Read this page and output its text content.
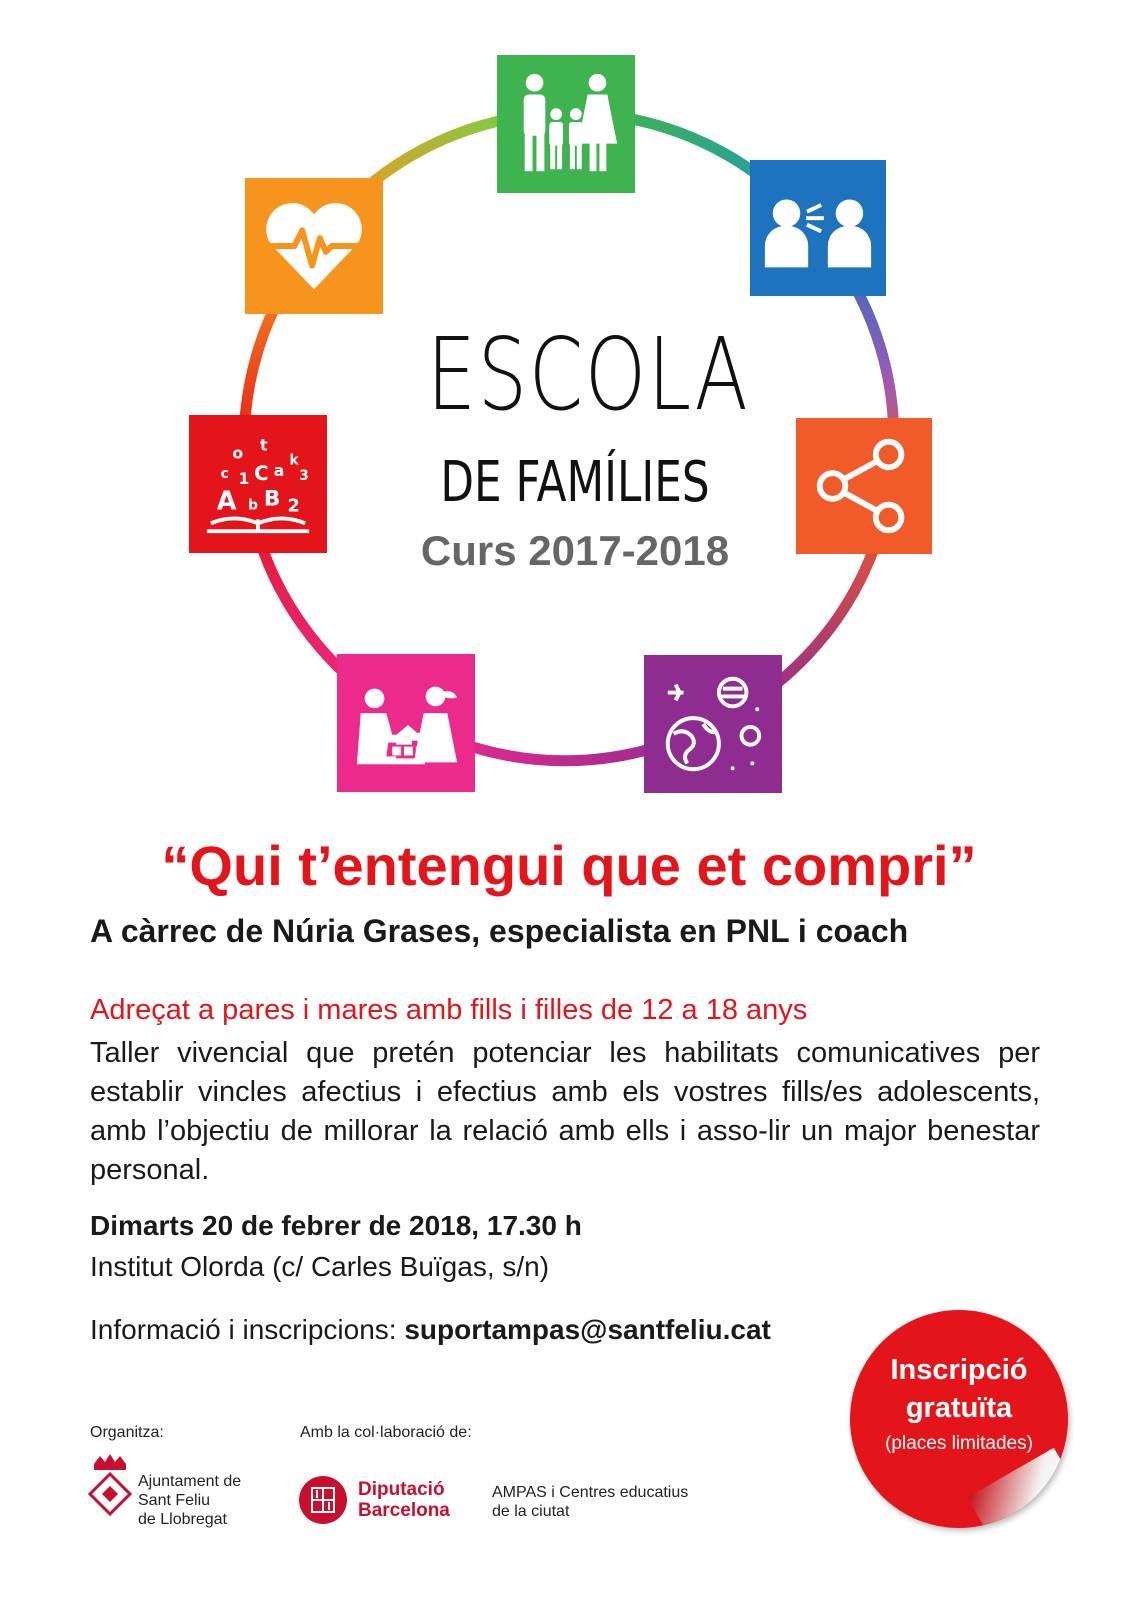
o t
c 1 C a
k
3
A b B 2
ESCOLA
DE FAMÍLIES
Curs 2017-2018
“Qui t’entengui que et compri”
A càrrec de Núria Grases, especialista en PNL i coach
Adreçat a pares i mares amb fills i filles de 12 a 18 anys
Taller vivencial que pretén potenciar les habilitats comunicatives per establir vincles afectius i efectius amb els vostres fills/es adolescents, amb l’objectiu de millorar la relació amb ells i asso-lir un major benestar personal.
Dimarts 20 de febrer de 2018, 17.30 h
Institut Olorda (c/ Carles Buïgas, s/n)
Informació i inscripcions: suportampas@santfeliu.cat
Inscripció
gratuïta
(places limitades)
Organitza:
Ajuntament de
Sant Feliu
de Llobregat
Amb la col·laboració de:
Diputació
Barcelona
AMPAS i Centres educatius
de la ciutat
